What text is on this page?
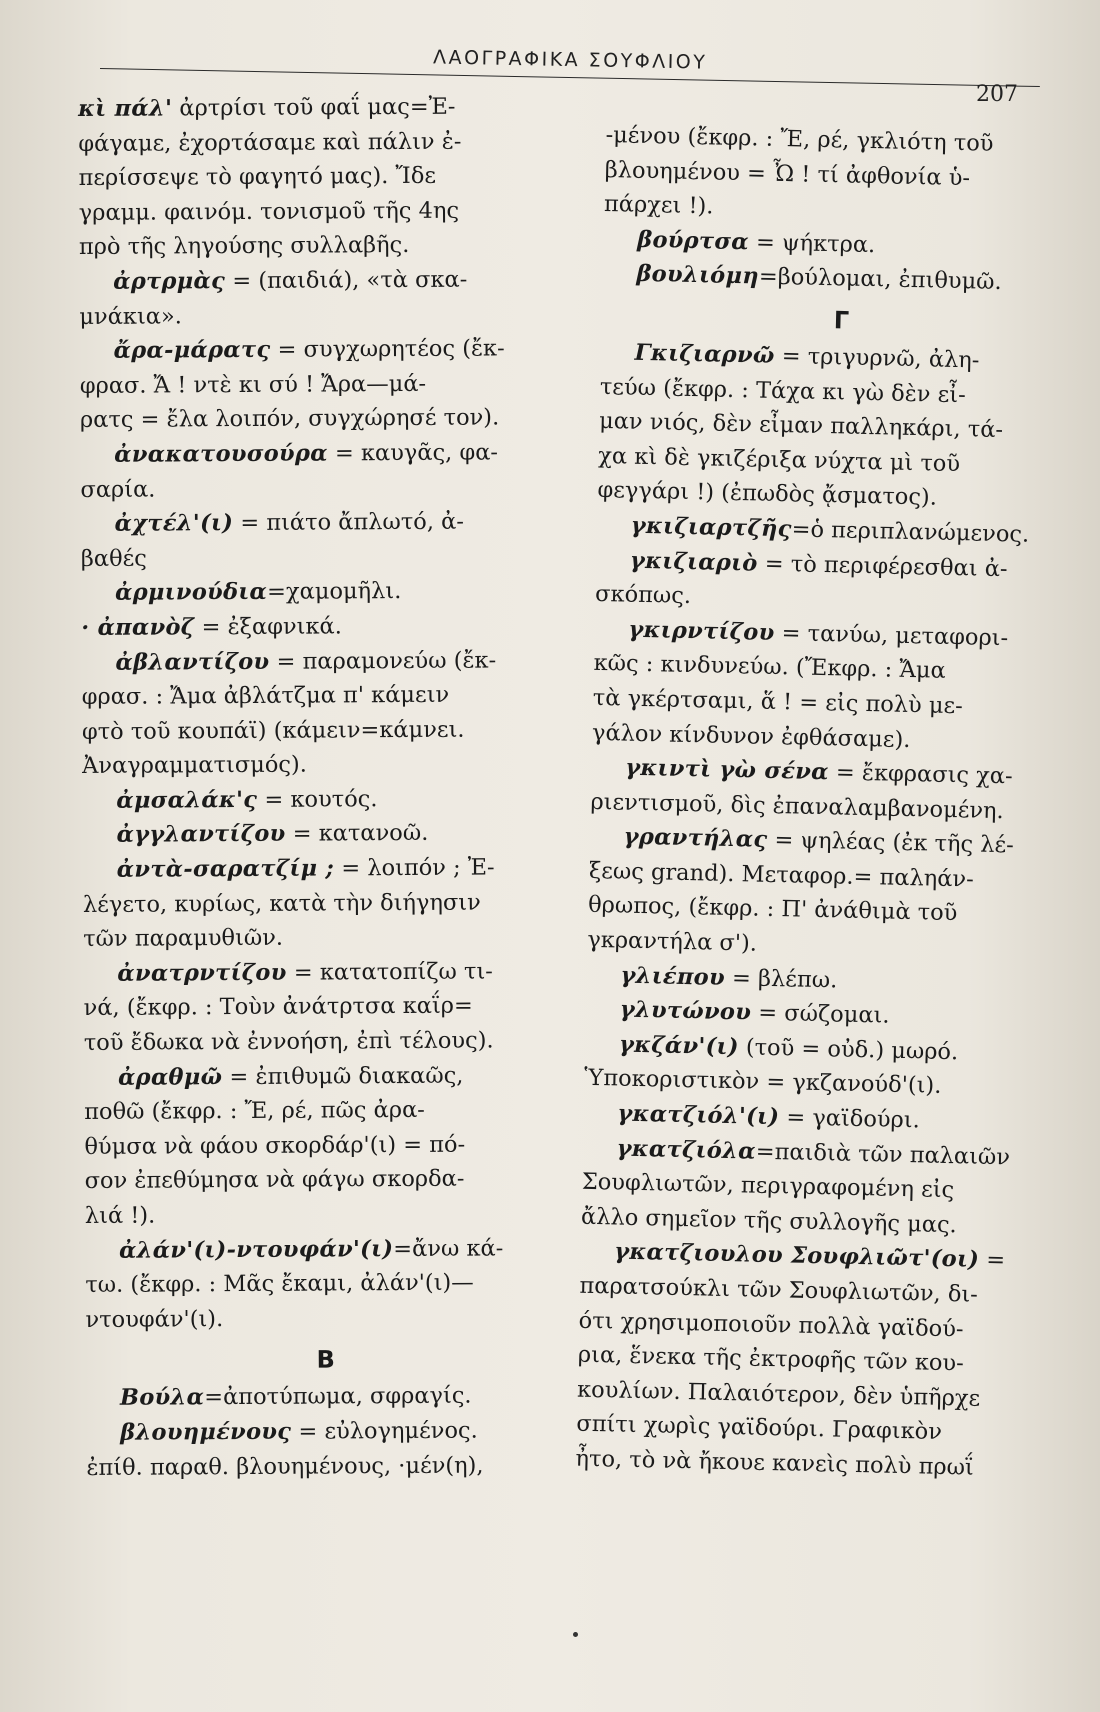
ΛΑΟΓΡΑΦΙΚΑ ΣΟΥΦΛΙΟΥ
207
κὶ πάλ' ἀρτρίσι τοῦ φαΐ μας=Ἐ-
φάγαμε, ἐχορτάσαμε καὶ πάλιν ἐ-
περίσσεψε τὸ φαγητό μας). Ἴδε
γραμμ. φαινόμ. τονισμοῦ τῆς 4ης
πρὸ τῆς ληγούσης συλλαβῆς.
ἀρτρμὰς = (παιδιά), «τὰ σκα-
μνάκια».
ἄρα-μάρατς = συγχωρητέος (ἔκ-
φρασ. Ἄ ! ντὲ κι σύ ! Ἄρα—μά-
ρατς = ἔλα λοιπόν, συγχώρησέ τον).
ἀνακατουσούρα = καυγᾶς, φα-
σαρία.
ἀχτέλ'(ι) = πιάτο ἄπλωτό, ἀ-
βαθές
ἀρμινούδια=χαμομῆλι.
· ἀπανὸζ = ἐξαφνικά.
ἀβλαντίζου = παραμονεύω (ἔκ-
φρασ. : Ἄμα ἀβλάτζμα π' κάμειν
φτὸ τοῦ κουπάϊ) (κάμειν=κάμνει.
Ἀναγραμματισμός).
ἀμσαλάκ'ς = κουτός.
ἀγγλαντίζου = κατανοῶ.
ἀντὰ-σαρατζίμ ; = λοιπόν ; Ἐ-
λέγετο, κυρίως, κατὰ τὴν διήγησιν
τῶν παραμυθιῶν.
ἀνατρντίζου = κατατοπίζω τι-
νά, (ἔκφρ. : Τοὺν ἀνάτρτσα καΐρ=
τοῦ ἔδωκα νὰ ἐννοήση, ἐπὶ τέλους).
ἀραθμῶ = ἐπιθυμῶ διακαῶς,
ποθῶ (ἔκφρ. : Ἔ, ρέ, πῶς ἀρα-
θύμσα νὰ φάου σκορδάρ'(ι) = πό-
σον ἐπεθύμησα νὰ φάγω σκορδα-
λιά !).
ἀλάν'(ι)-ντουφάν'(ι)=ἄνω κά-
τω. (ἔκφρ. : Μᾶς ἔκαμι, ἀλάν'(ι)—
ντουφάν'(ι).
Β
Βούλα=ἀποτύπωμα, σφραγίς.
βλουημένους = εὐλογημένος.
ἐπίθ. παραθ. βλουημένους, ·μέν(η),
-μένου (ἔκφρ. : Ἔ, ρέ, γκλιότη τοῦ
βλουημένου = Ὦ ! τί ἀφθονία ὑ-
πάρχει !).
βούρτσα = ψήκτρα.
βουλιόμη=βούλομαι, ἐπιθυμῶ.
Γ
Γκιζιαρνῶ = τριγυρνῶ, ἀλη-
τεύω (ἔκφρ. : Τάχα κι γὼ δὲν εἶ-
μαν νιός, δὲν εἶμαν παλληκάρι, τά-
χα κὶ δὲ γκιζέριξα νύχτα μὶ τοῦ
φεγγάρι !) (ἐπωδὸς ᾄσματος).
γκιζιαρτζῆς=ὁ περιπλανώμενος.
γκιζιαριὸ = τὸ περιφέρεσθαι ἀ-
σκόπως.
γκιρντίζου = τανύω, μεταφορι-
κῶς : κινδυνεύω. (Ἔκφρ. : Ἄμα
τὰ γκέρτσαμι, ἅ ! = εἰς πολὺ με-
γάλον κίνδυνον ἐφθάσαμε).
γκιντὶ γὼ σένα = ἔκφρασις χα-
ριεντισμοῦ, δὶς ἐπαναλαμβανομένη.
γραντήλας = ψηλέας (ἐκ τῆς λέ-
ξεως grand). Μεταφορ.= παληάν-
θρωπος, (ἔκφρ. : Π' ἀνάθιμὰ τοῦ
γκραντήλα σ').
γλιέπου = βλέπω.
γλυτώνου = σώζομαι.
γκζάν'(ι) (τοῦ = οὐδ.) μωρό.
Ὑποκοριστικὸν = γκζανούδ'(ι).
γκατζιόλ'(ι) = γαϊδούρι.
γκατζιόλα=παιδιὰ τῶν παλαιῶν
Σουφλιωτῶν, περιγραφομένη εἰς
ἄλλο σημεῖον τῆς συλλογῆς μας.
γκατζιουλου Σουφλιῶτ'(οι) =
παρατσούκλι τῶν Σουφλιωτῶν, δι-
ότι χρησιμοποιοῦν πολλὰ γαϊδού-
ρια, ἕνεκα τῆς ἐκτροφῆς τῶν κου-
κουλίων. Παλαιότερον, δὲν ὑπῆρχε
σπίτι χωρὶς γαϊδούρι. Γραφικὸν
ἦτο, τὸ νὰ ἤκουε κανεὶς πολὺ πρωΐ
